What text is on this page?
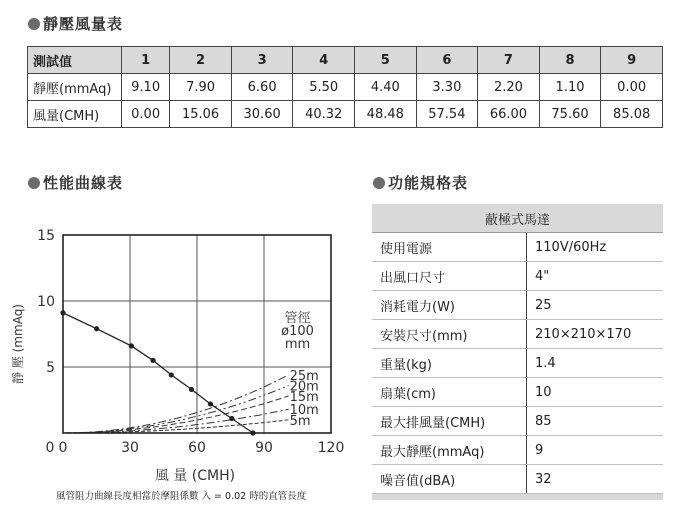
靜壓風量表
測試值	1	2	3	4	5	6	7	8	9
靜壓(mmAq)	9.10	7.90	6.60	5.50	4.40	3.30	2.20	1.10	0.00
風量(CMH)	0.00	15.06	30.60	40.32	48.48	57.54	66.00	75.60	85.08
性能曲線表
25m
20m
15m
10m
5m
管徑
ø100
mm
0	30	60	90	120
0
5
10
15
風 量 (CMH)
靜 壓 (mmAq)
風管阻力曲線長度相當於摩阻係數 入 = 0.02 時的直管長度
功能規格表
蔽極式馬達	
使用電源	110V/60Hz
出風口尺寸	4"
消耗電力(W)	25
安裝尺寸(mm)	210×210×170
重量(kg)	1.4
扇葉(cm)	10
最大排風量(CMH)	85
最大靜壓(mmAq)	9
噪音值(dBA)	32
